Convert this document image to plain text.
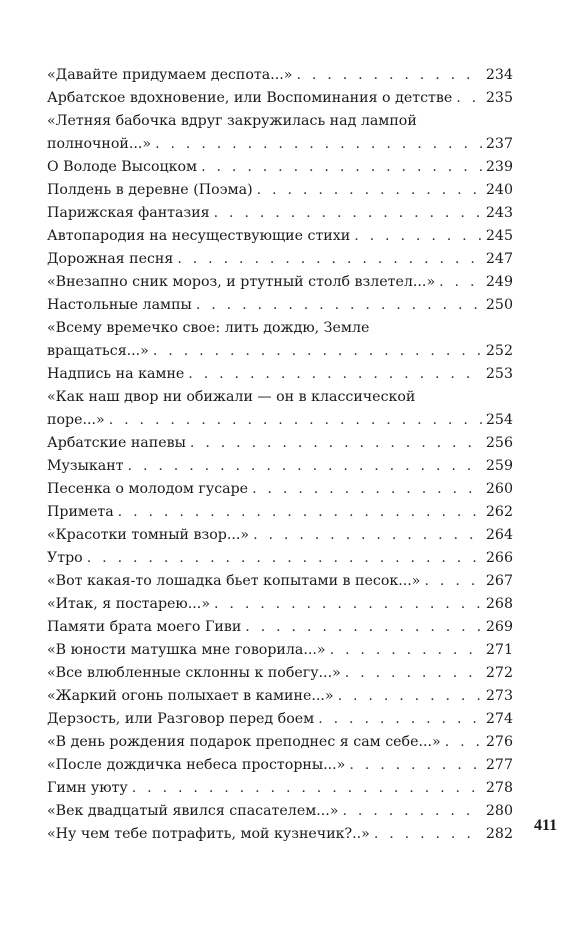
«Давайте придумаем деспота...» . . .	234
Арбатское вдохновение, или Воспоминания о детстве . . . 235
«Летняя бабочка вдруг закружилась над лампой
полночной...» . . .	237
О Володе Высоцком . . .	239
Полдень в деревне (Поэма) . . .	240
Парижская фантазия . . .	243
Автопародия на несуществующие стихи . . .	245
Дорожная песня . . .	247
«Внезапно сник мороз, и ртутный столб взлетел...» . . .	249
Настольные лампы . . .	250
«Всему времечко свое: лить дождю, Земле
вращаться...» . . .	252
Надпись на камне . . .	253
«Как наш двор ни обижали — он в классической
поре...» . . .	254
Арбатские напевы . . .	256
Музыкант . . .	259
Песенка о молодом гусаре . . .	260
Примета . . .	262
«Красотки томный взор...» . . .	264
Утро . . .	266
«Вот какая-то лошадка бьет копытами в песок...» . . .	267
«Итак, я постарею...» . . .	268
Памяти брата моего Гиви . . .	269
«В юности матушка мне говорила...» . . .	271
«Все влюбленные склонны к побегу...» . . .	272
«Жаркий огонь полыхает в камине...» . . .	273
Дерзость, или Разговор перед боем . . .	274
«В день рождения подарок преподнес я сам себе...» . . .	276
«После дождичка небеса просторны...» . . .	277
Гимн уюту . . .	278
«Век двадцатый явился спасателем...» . . .	280
«Ну чем тебе потрафить, мой кузнечик?..» . . .	282 411
